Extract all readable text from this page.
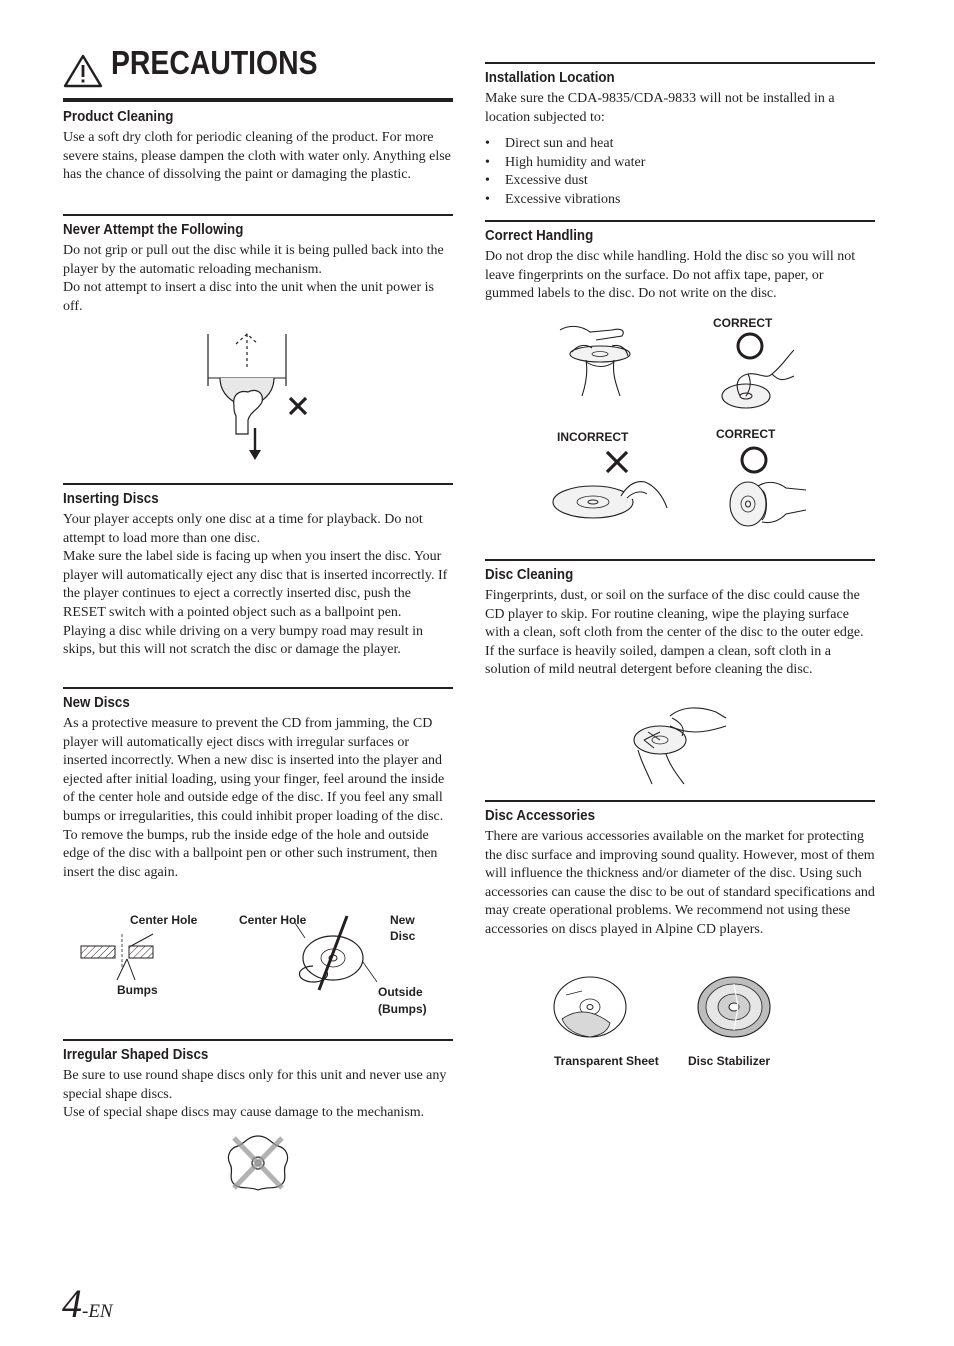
PRECAUTIONS
Product Cleaning

Use a soft dry cloth for periodic cleaning of the product. For more severe stains, please dampen the cloth with water only. Anything else has the chance of dissolving the paint or damaging the plastic.

Never Attempt the Following

Do not grip or pull out the disc while it is being pulled back into the player by the automatic reloading mechanism.

Do not attempt to insert a disc into the unit when the unit power is off.

Inserting Discs

Your player accepts only one disc at a time for playback. Do not attempt to load more than one disc.

Make sure the label side is facing up when you insert the disc. Your player will automatically eject any disc that is inserted incorrectly. If the player continues to eject a correctly inserted disc, push the RESET switch with a pointed object such as a ballpoint pen.

Playing a disc while driving on a very bumpy road may result in skips, but this will not scratch the disc or damage the player.

New Discs

As a protective measure to prevent the CD from jamming, the CD player will automatically eject discs with irregular surfaces or inserted incorrectly. When a new disc is inserted into the player and ejected after initial loading, using your finger, feel around the inside of the center hole and outside edge of the disc. If you feel any small bumps or irregularities, this could inhibit proper loading of the disc. To remove the bumps, rub the inside edge of the hole and outside edge of the disc with a ballpoint pen or other such instrument, then insert the disc again.

Center Hole	Center Hole	New
Disc
Bumps	Outside
(Bumps)
Irregular Shaped Discs

Be sure to use round shape discs only for this unit and never use any special shape discs.

Use of special shape discs may cause damage to the mechanism.

Installation Location

Make sure the CDA-9835/CDA-9833 will not be installed in a location subjected to:

• Direct sun and heat
• High humidity and water
• Excessive dust
• Excessive vibrations
Correct Handling

Do not drop the disc while handling. Hold the disc so you will not leave fingerprints on the surface. Do not affix tape, paper, or gummed labels to the disc. Do not write on the disc.

CORRECT
INCORRECT	CORRECT
Disc Cleaning

Fingerprints, dust, or soil on the surface of the disc could cause the CD player to skip. For routine cleaning, wipe the playing surface with a clean, soft cloth from the center of the disc to the outer edge. If the surface is heavily soiled, dampen a clean, soft cloth in a solution of mild neutral detergent before cleaning the disc.

Disc Accessories

There are various accessories available on the market for protecting the disc surface and improving sound quality. However, most of them will influence the thickness and/or diameter of the disc. Using such accessories can cause the disc to be out of standard specifications and may create operational problems. We recommend not using these accessories on discs played in Alpine CD players.

Transparent Sheet Disc Stabilizer
4-EN
